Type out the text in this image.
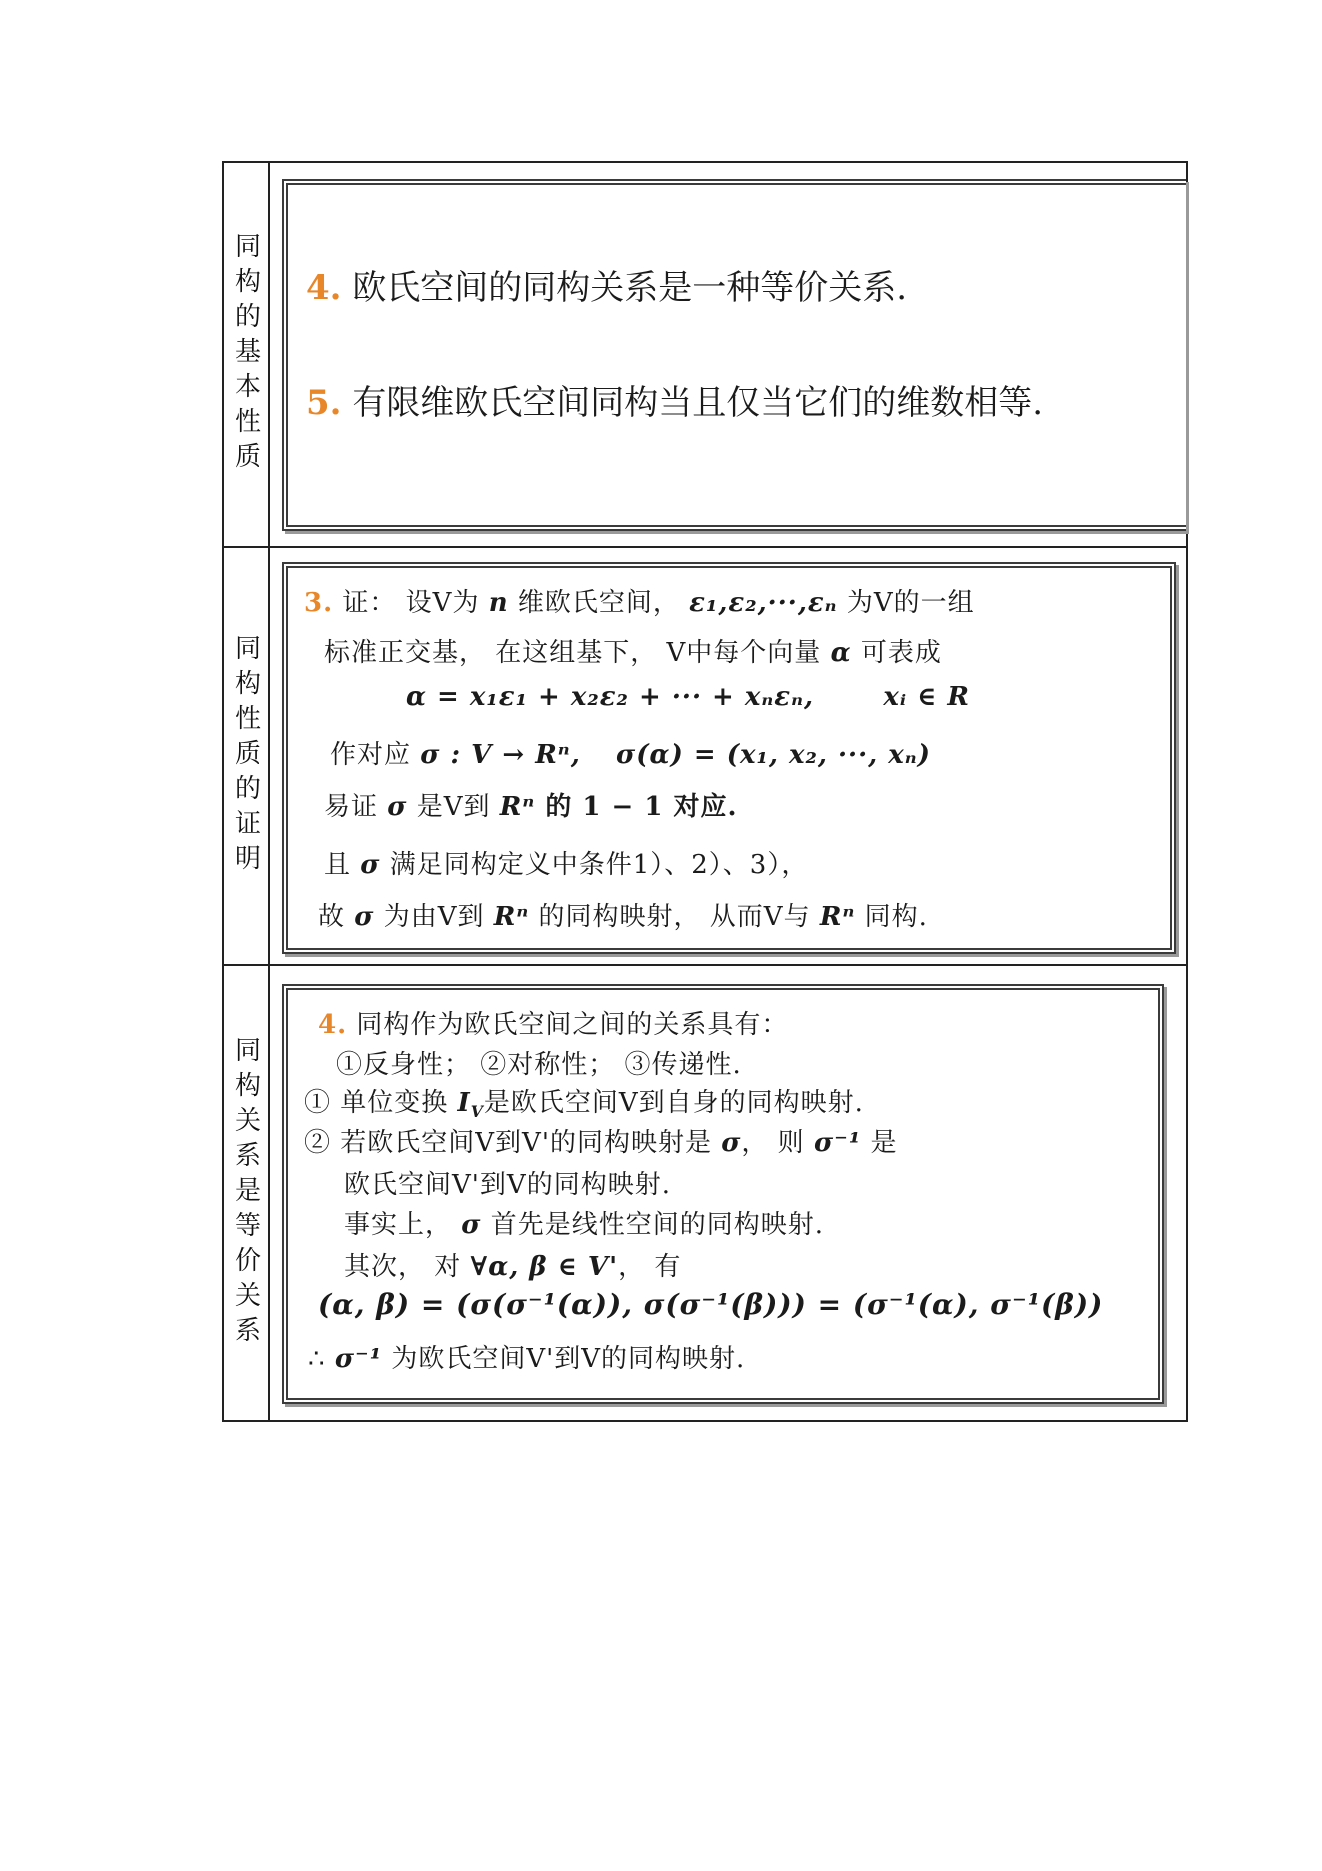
同构的基本性质 4. 欧氏空间的同构关系是一种等价关系.
5. 有限维欧氏空间同构当且仅当它们的维数相等.
同构性质的证明
3. 证： 设V为 n 维欧氏空间， ε₁,ε₂,···,εₙ 为V的一组
标准正交基， 在这组基下， V中每个向量 α 可表成
α = x₁ε₁ + x₂ε₂ + ··· + xₙεₙ,	xᵢ ∈ R
作对应 σ : V → Rⁿ, σ(α) = (x₁, x₂, ···, xₙ)
易证 σ 是V到 Rⁿ 的 1 − 1 对应.
且 σ 满足同构定义中条件1）、2）、3），
故 σ 为由V到 Rⁿ 的同构映射， 从而V与 Rⁿ 同构.
同构关系是等价关系
4. 同构作为欧氏空间之间的关系具有：
①反身性； ②对称性； ③传递性.
① 单位变换 $I_V$是欧氏空间V到自身的同构映射.
② 若欧氏空间V到V'的同构映射是 σ， 则 σ⁻¹ 是
欧氏空间V'到V的同构映射.
事实上， σ 首先是线性空间的同构映射.
其次， 对 ∀α, β ∈ V'， 有
(α, β) = (σ(σ⁻¹(α)), σ(σ⁻¹(β))) = (σ⁻¹(α), σ⁻¹(β))
∴ σ⁻¹ 为欧氏空间V'到V的同构映射.
